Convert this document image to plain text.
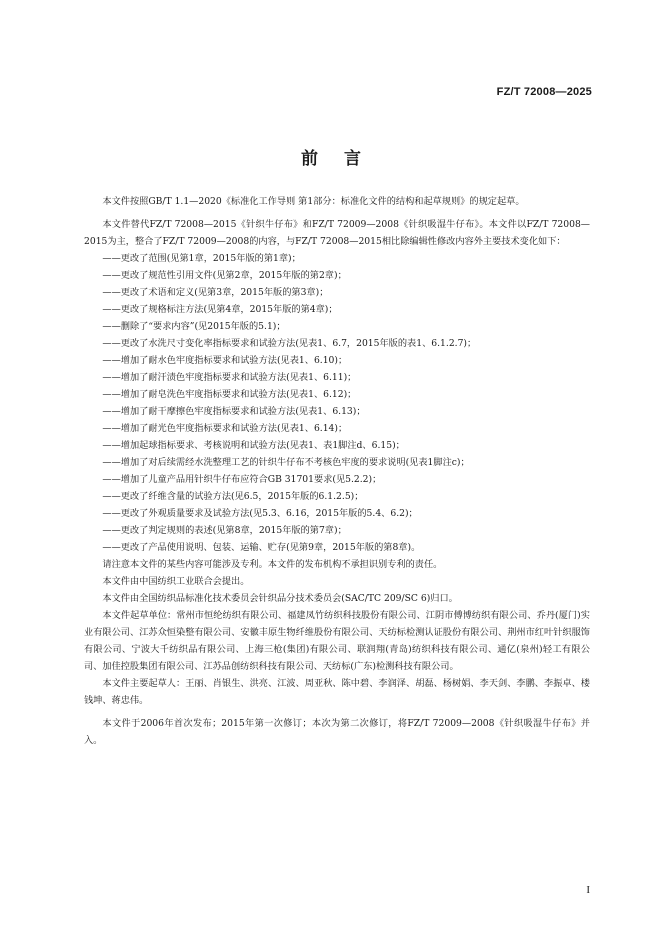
FZ/T 72008—2025
前言

本文件按照GB/T 1.1—2020《标准化工作导则 第1部分：标准化文件的结构和起草规则》的规定起草。

本文件替代FZ/T 72008—2015《针织牛仔布》和FZ/T 72009—2008《针织吸湿牛仔布》。本文件以FZ/T 72008—2015为主，整合了FZ/T 72009—2008的内容，与FZ/T 72008—2015相比除编辑性修改内容外主要技术变化如下：

——更改了范围(见第1章，2015年版的第1章)；
——更改了规范性引用文件(见第2章，2015年版的第2章)；
——更改了术语和定义(见第3章，2015年版的第3章)；
——更改了规格标注方法(见第4章，2015年版的第4章)；
——删除了“要求内容”(见2015年版的5.1)；
——更改了水洗尺寸变化率指标要求和试验方法(见表1、6.7，2015年版的表1、6.1.2.7)；
——增加了耐水色牢度指标要求和试验方法(见表1、6.10)；
——增加了耐汗渍色牢度指标要求和试验方法(见表1、6.11)；
——增加了耐皂洗色牢度指标要求和试验方法(见表1、6.12)；
——增加了耐干摩擦色牢度指标要求和试验方法(见表1、6.13)；
——增加了耐光色牢度指标要求和试验方法(见表1、6.14)；
——增加起球指标要求、考核说明和试验方法(见表1、表1脚注d、6.15)；
——增加了对后续需经水洗整理工艺的针织牛仔布不考核色牢度的要求说明(见表1脚注c)；
——增加了儿童产品用针织牛仔布应符合GB 31701要求(见5.2.2)；
——更改了纤维含量的试验方法(见6.5，2015年版的6.1.2.5)；
——更改了外观质量要求及试验方法(见5.3、6.16，2015年版的5.4、6.2)；
——更改了判定规则的表述(见第8章，2015年版的第7章)；
——更改了产品使用说明、包装、运输、贮存(见第9章，2015年版的第8章)。

请注意本文件的某些内容可能涉及专利。本文件的发布机构不承担识别专利的责任。

本文件由中国纺织工业联合会提出。

本文件由全国纺织品标准化技术委员会针织品分技术委员会(SAC/TC 209/SC 6)归口。

本文件起草单位：常州市恒纶纺织有限公司、福建凤竹纺织科技股份有限公司、江阴市傅博纺织有限公司、乔丹(厦门)实业有限公司、江苏众恒染整有限公司、安徽丰原生物纤维股份有限公司、天纺标检测认证股份有限公司、荆州市红叶针织服饰有限公司、宁波大千纺织品有限公司、上海三枪(集团)有限公司、联润翔(青岛)纺织科技有限公司、通亿(泉州)轻工有限公司、加佳控股集团有限公司、江苏品创纺织科技有限公司、天纺标(广东)检测科技有限公司。

本文件主要起草人：王丽、肖银生、洪亮、江波、周亚秋、陈中碧、李润泽、胡磊、杨树娟、李天剑、李鹏、李振卓、楼钱坤、蒋忠伟。

本文件于2006年首次发布；2015年第一次修订；本次为第二次修订，将FZ/T 72009—2008《针织吸湿牛仔布》并入。

I
